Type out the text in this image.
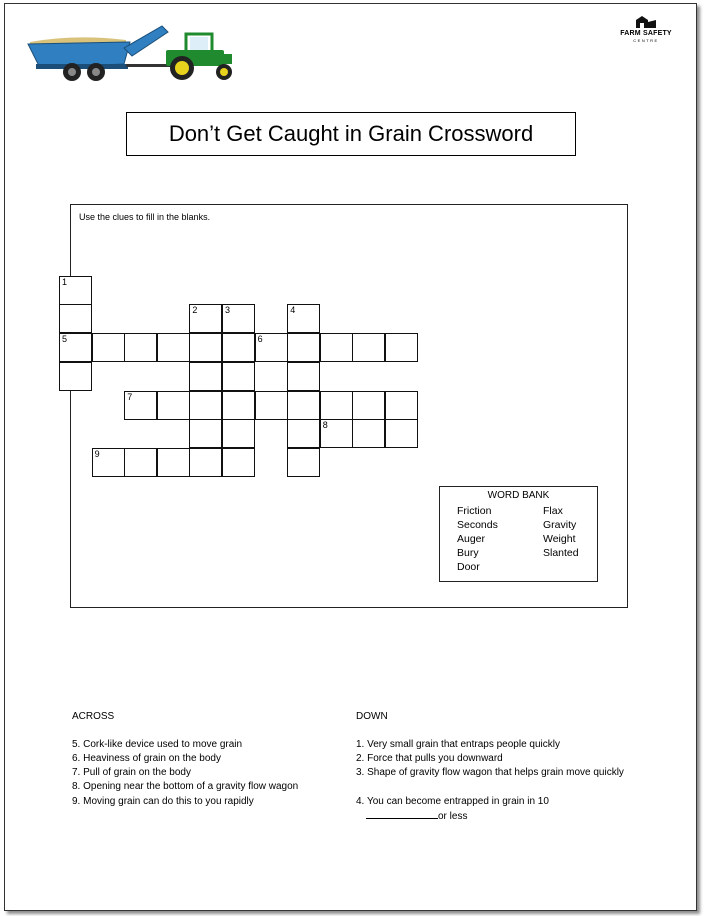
FARM SAFETY
CENTRE
Don’t Get Caught in Grain Crossword
Use the clues to fill in the blanks.
1
5
2	3
6
4
7
8
9
WORD BANK
Friction
Seconds
Auger
Bury
Door
Flax
Gravity
Weight
Slanted
ACROSS
5. Cork-like device used to move grain
6. Heaviness of grain on the body
7. Pull of grain on the body
8. Opening near the bottom of a gravity flow wagon
9. Moving grain can do this to you rapidly
DOWN
1. Very small grain that entraps people quickly
2. Force that pulls you downward
3. Shape of gravity flow wagon that helps grain move quickly
4. You can become entrapped in grain in 10
or less
